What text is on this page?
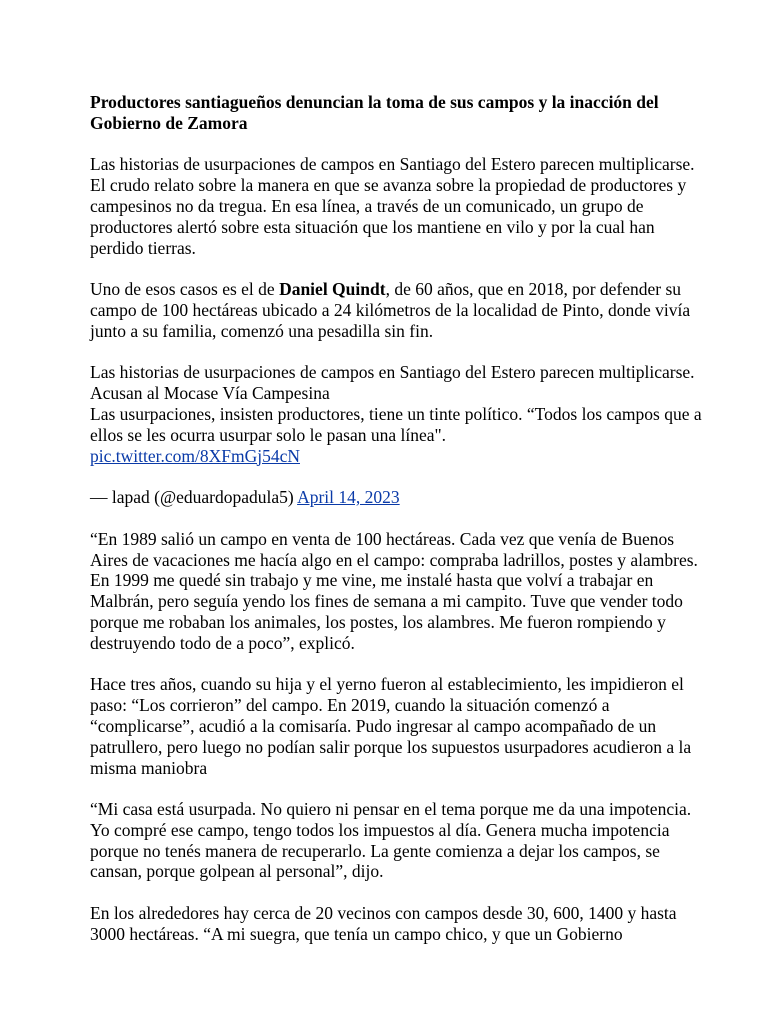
Productores santiagueños denuncian la toma de sus campos y la inacción del Gobierno de Zamora

Las historias de usurpaciones de campos en Santiago del Estero parecen multiplicarse. El crudo relato sobre la manera en que se avanza sobre la propiedad de productores y campesinos no da tregua. En esa línea, a través de un comunicado, un grupo de productores alertó sobre esta situación que los mantiene en vilo y por la cual han perdido tierras.

Uno de esos casos es el de Daniel Quindt, de 60 años, que en 2018, por defender su campo de 100 hectáreas ubicado a 24 kilómetros de la localidad de Pinto, donde vivía junto a su familia, comenzó una pesadilla sin fin.

Las historias de usurpaciones de campos en Santiago del Estero parecen multiplicarse. Acusan al Mocase Vía Campesina
Las usurpaciones, insisten productores, tiene un tinte político. “Todos los campos que a ellos se les ocurra usurpar solo le pasan una línea".
pic.twitter.com/8XFmGj54cN

— lapad (@eduardopadula5) April 14, 2023

“En 1989 salió un campo en venta de 100 hectáreas. Cada vez que venía de Buenos Aires de vacaciones me hacía algo en el campo: compraba ladrillos, postes y alambres. En 1999 me quedé sin trabajo y me vine, me instalé hasta que volví a trabajar en Malbrán, pero seguía yendo los fines de semana a mi campito. Tuve que vender todo porque me robaban los animales, los postes, los alambres. Me fueron rompiendo y destruyendo todo de a poco”, explicó.

Hace tres años, cuando su hija y el yerno fueron al establecimiento, les impidieron el paso: “Los corrieron” del campo. En 2019, cuando la situación comenzó a “complicarse”, acudió a la comisaría. Pudo ingresar al campo acompañado de un patrullero, pero luego no podían salir porque los supuestos usurpadores acudieron a la misma maniobra

“Mi casa está usurpada. No quiero ni pensar en el tema porque me da una impotencia. Yo compré ese campo, tengo todos los impuestos al día. Genera mucha impotencia porque no tenés manera de recuperarlo. La gente comienza a dejar los campos, se cansan, porque golpean al personal”, dijo.

En los alrededores hay cerca de 20 vecinos con campos desde 30, 600, 1400 y hasta 3000 hectáreas. “A mi suegra, que tenía un campo chico, y que un Gobierno
